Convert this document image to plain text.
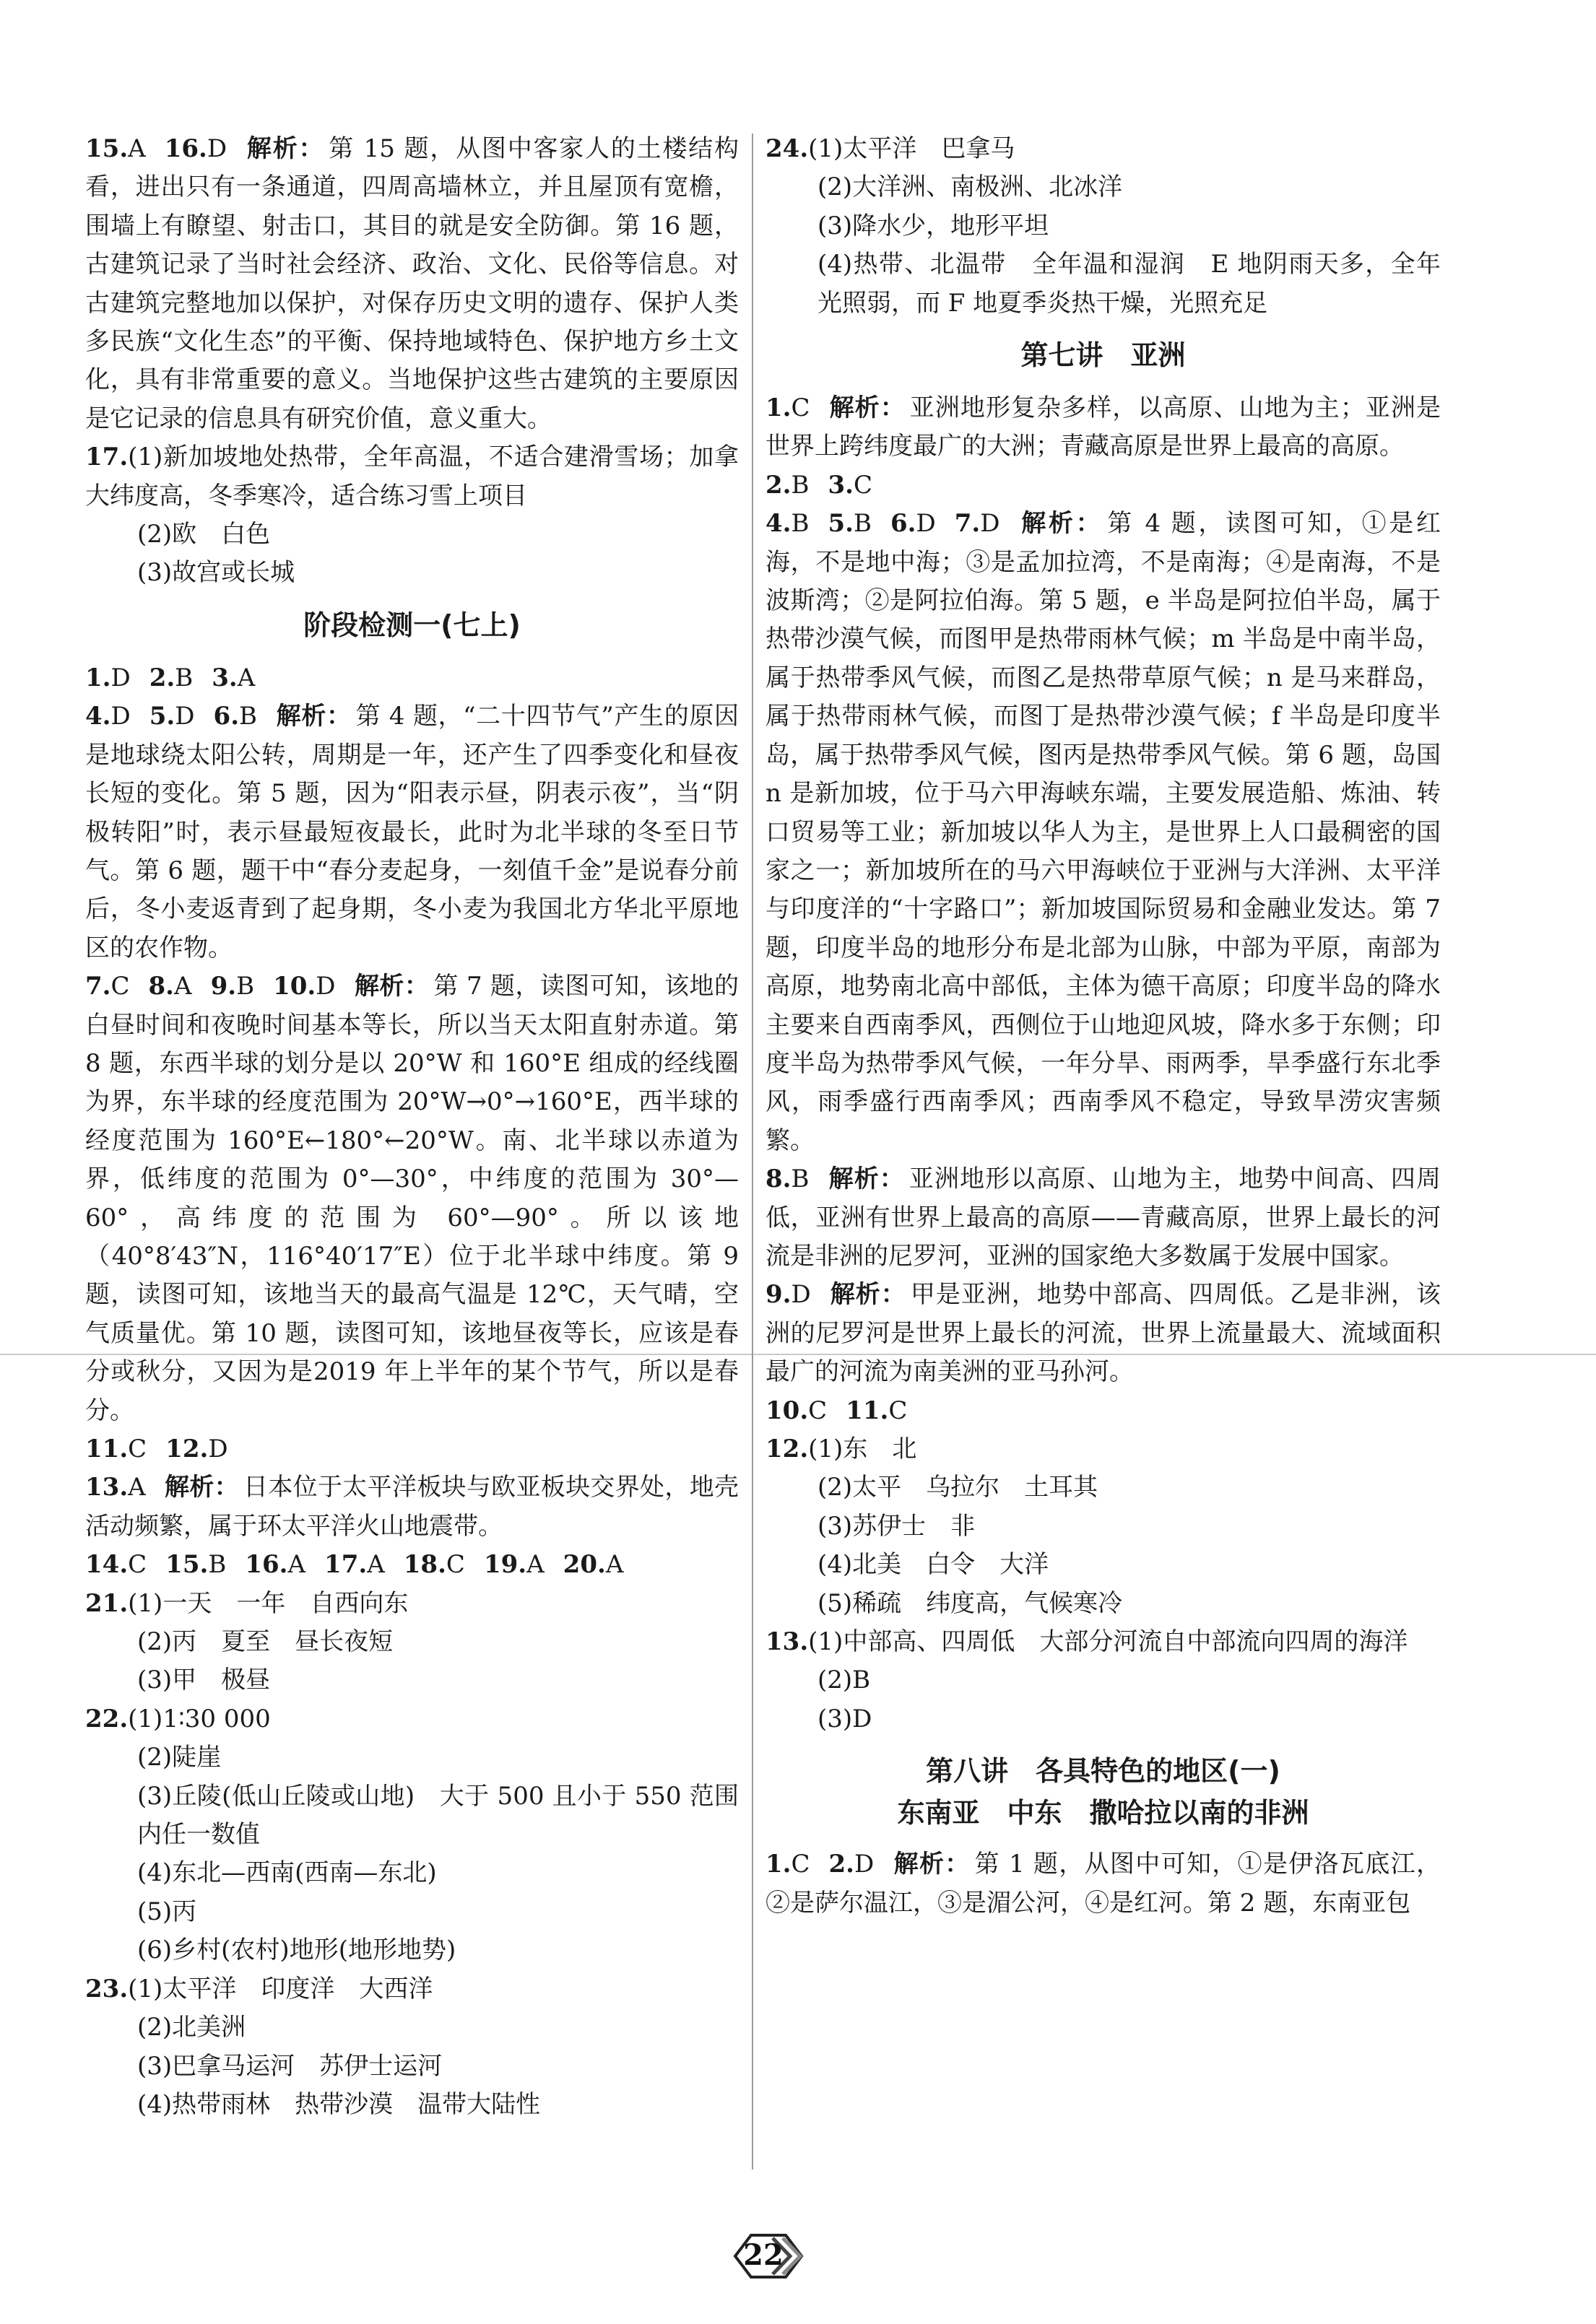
15.A 16.D 解析： 第 15 题，从图中客家人的土楼结构看，进出只有一条通道，四周高墙林立，并且屋顶有宽檐，围墙上有瞭望、射击口，其目的就是安全防御。第 16 题，古建筑记录了当时社会经济、政治、文化、民俗等信息。对古建筑完整地加以保护，对保存历史文明的遗存、保护人类多民族“文化生态”的平衡、保持地域特色、保护地方乡土文化，具有非常重要的意义。当地保护这些古建筑的主要原因是它记录的信息具有研究价值，意义重大。

17.(1)新加坡地处热带，全年高温，不适合建滑雪场；加拿大纬度高，冬季寒冷，适合练习雪上项目

(2)欧　白色

(3)故宫或长城

阶段检测一(七上)

1.D 2.B 3.A

4.D 5.D 6.B 解析： 第 4 题，“二十四节气”产生的原因是地球绕太阳公转，周期是一年，还产生了四季变化和昼夜长短的变化。第 5 题，因为“阳表示昼，阴表示夜”，当“阴极转阳”时，表示昼最短夜最长，此时为北半球的冬至日节气。第 6 题，题干中“春分麦起身，一刻值千金”是说春分前后，冬小麦返青到了起身期，冬小麦为我国北方华北平原地区的农作物。

7.C 8.A 9.B 10.D 解析： 第 7 题，读图可知，该地的白昼时间和夜晚时间基本等长，所以当天太阳直射赤道。第 8 题，东西半球的划分是以 20°W 和 160°E 组成的经线圈为界，东半球的经度范围为 20°W→0°→160°E，西半球的经度范围为 160°E←180°←20°W。南、北半球以赤道为界，低纬度的范围为 0°—30°，中纬度的范围为 30°—60°，高纬度的范围为 60°—90°。所以该地（40°8′43″N，116°40′17″E）位于北半球中纬度。第 9 题，读图可知，该地当天的最高气温是 12℃，天气晴，空气质量优。第 10 题，读图可知，该地昼夜等长，应该是春分或秋分，又因为是2019 年上半年的某个节气，所以是春分。

11.C 12.D

13.A 解析： 日本位于太平洋板块与欧亚板块交界处，地壳活动频繁，属于环太平洋火山地震带。

14.C 15.B 16.A 17.A 18.C 19.A 20.A

21.(1)一天　一年　自西向东

(2)丙　夏至　昼长夜短

(3)甲　极昼

22.(1)1∶30 000

(2)陡崖

(3)丘陵(低山丘陵或山地)　大于 500 且小于 550 范围内任一数值

(4)东北—西南(西南—东北)

(5)丙

(6)乡村(农村)地形(地形地势)

23.(1)太平洋　印度洋　大西洋

(2)北美洲

(3)巴拿马运河　苏伊士运河

(4)热带雨林　热带沙漠　温带大陆性

24.(1)太平洋　巴拿马

(2)大洋洲、南极洲、北冰洋

(3)降水少，地形平坦

(4)热带、北温带　全年温和湿润　E 地阴雨天多，全年光照弱，而 F 地夏季炎热干燥，光照充足

第七讲　亚洲

1.C 解析： 亚洲地形复杂多样，以高原、山地为主；亚洲是世界上跨纬度最广的大洲；青藏高原是世界上最高的高原。

2.B 3.C

4.B 5.B 6.D 7.D 解析： 第 4 题，读图可知，①是红海，不是地中海；③是孟加拉湾，不是南海；④是南海，不是波斯湾；②是阿拉伯海。第 5 题，e 半岛是阿拉伯半岛，属于热带沙漠气候，而图甲是热带雨林气候；m 半岛是中南半岛，属于热带季风气候，而图乙是热带草原气候；n 是马来群岛，属于热带雨林气候，而图丁是热带沙漠气候；f 半岛是印度半岛，属于热带季风气候，图丙是热带季风气候。第 6 题，岛国 n 是新加坡，位于马六甲海峡东端，主要发展造船、炼油、转口贸易等工业；新加坡以华人为主，是世界上人口最稠密的国家之一；新加坡所在的马六甲海峡位于亚洲与大洋洲、太平洋与印度洋的“十字路口”；新加坡国际贸易和金融业发达。第 7 题，印度半岛的地形分布是北部为山脉，中部为平原，南部为高原，地势南北高中部低，主体为德干高原；印度半岛的降水主要来自西南季风，西侧位于山地迎风坡，降水多于东侧；印度半岛为热带季风气候，一年分旱、雨两季，旱季盛行东北季风，雨季盛行西南季风；西南季风不稳定，导致旱涝灾害频繁。

8.B 解析： 亚洲地形以高原、山地为主，地势中间高、四周低，亚洲有世界上最高的高原——青藏高原，世界上最长的河流是非洲的尼罗河，亚洲的国家绝大多数属于发展中国家。

9.D 解析： 甲是亚洲，地势中部高、四周低。乙是非洲，该洲的尼罗河是世界上最长的河流，世界上流量最大、流域面积最广的河流为南美洲的亚马孙河。

10.C 11.C

12.(1)东　北

(2)太平　乌拉尔　土耳其

(3)苏伊士　非

(4)北美　白令　大洋

(5)稀疏　纬度高，气候寒冷

13.(1)中部高、四周低　大部分河流自中部流向四周的海洋

(2)B

(3)D

第八讲　各具特色的地区(一)
东南亚　中东　撒哈拉以南的非洲

1.C 2.D 解析： 第 1 题，从图中可知，①是伊洛瓦底江，②是萨尔温江，③是湄公河，④是红河。第 2 题，东南亚包

22
